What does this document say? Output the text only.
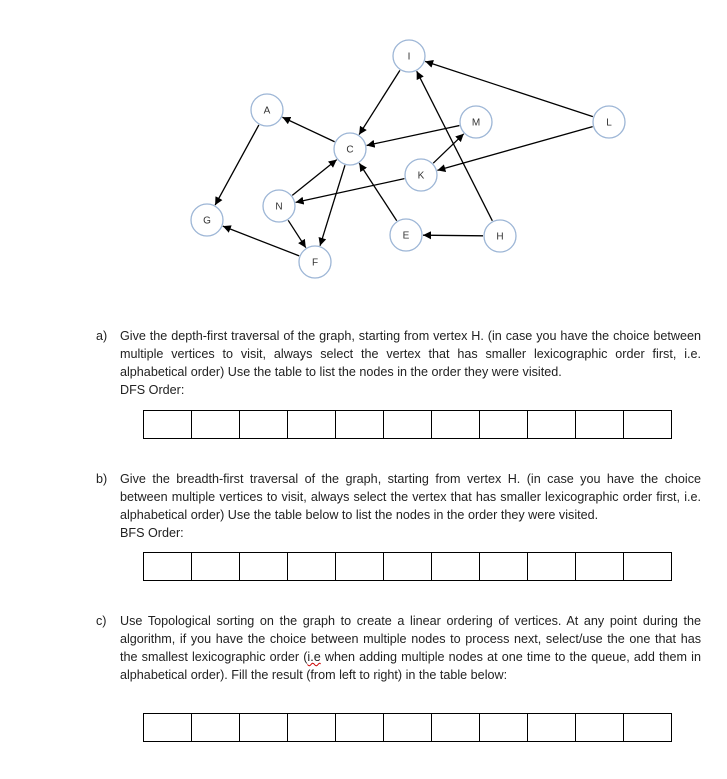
I
A
M	L
C
K
N
G
E	H
F
a) Give the depth-first traversal of the graph, starting from vertex H. (in case you have the choice between multiple vertices to visit, always select the vertex that has smaller lexicographic order first, i.e. alphabetical order) Use the table to list the nodes in the order they were visited.
DFS Order:

b) Give the breadth-first traversal of the graph, starting from vertex H. (in case you have the choice between multiple vertices to visit, always select the vertex that has smaller lexicographic order first, i.e. alphabetical order) Use the table below to list the nodes in the order they were visited.
BFS Order:

c) Use Topological sorting on the graph to create a linear ordering of vertices. At any point during the algorithm, if you have the choice between multiple nodes to process next, select/use the one that has the smallest lexicographic order (i.e when adding multiple nodes at one time to the queue, add them in alphabetical order). Fill the result (from left to right) in the table below:
